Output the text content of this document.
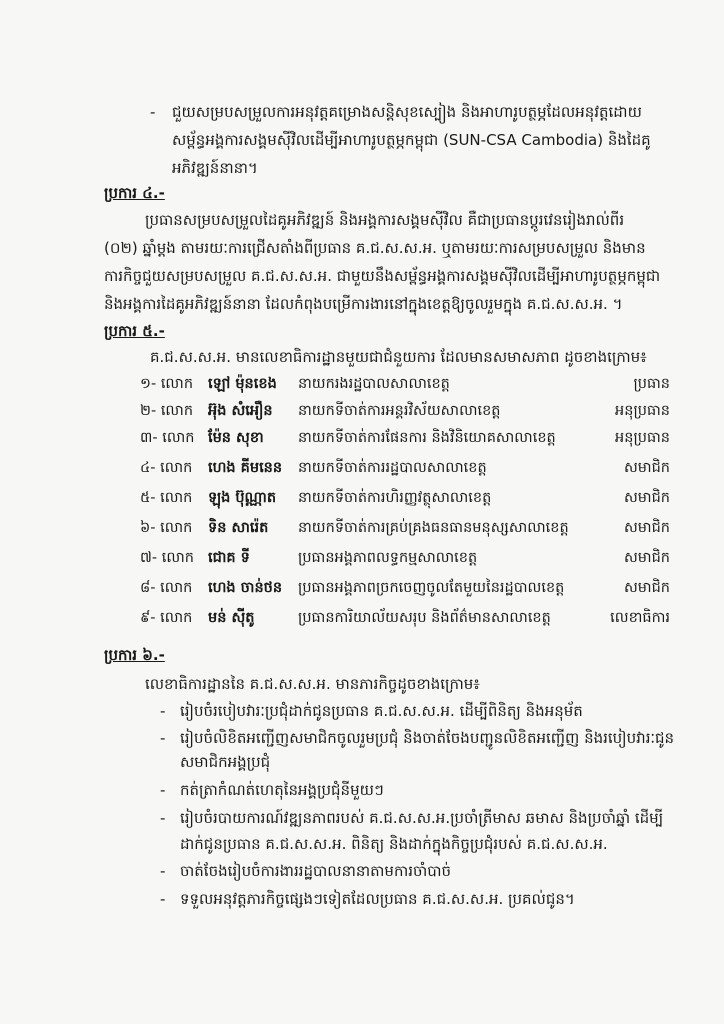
- ជួយសម្របសម្រួលការអនុវត្តគម្រោងសន្តិសុខស្បៀង និងអាហារូបត្ថម្ភដែលអនុវត្តដោយ
សម្ព័ន្ធអង្គការសង្គមស៊ីវិលដើម្បីអាហារូបត្ថម្ភកម្ពុជា (SUN-CSA Cambodia) និងដៃគូ
អភិវឌ្ឍន៍នានា។
ប្រការ ៤.-
ប្រធានសម្របសម្រួលដៃគូអភិវឌ្ឍន៍ និងអង្គការសង្គមស៊ីវិល គឺជាប្រធានប្តូរវេនរៀងរាល់ពីរ
(០២) ឆ្នាំម្តង តាមរយៈការជ្រើសតាំងពីប្រធាន គ.ជ.ស.ស.អ. ឬតាមរយៈការសម្របសម្រួល និងមាន
ការកិច្ចជួយសម្របសម្រួល គ.ជ.ស.ស.អ. ជាមួយនឹងសម្ព័ន្ធអង្គការសង្គមស៊ីវិលដើម្បីអាហារូបត្ថម្ភកម្ពុជា
និងអង្គការដៃគូអភិវឌ្ឍន៍នានា ដែលកំពុងបម្រើការងារនៅក្នុងខេត្តឱ្យចូលរួមក្នុង គ.ជ.ស.ស.អ. ។
ប្រការ ៥.-
គ.ជ.ស.ស.អ. មានលេខាធិការដ្ឋានមួយជាជំនួយការ ដែលមានសមាសភាព ដូចខាងក្រោម៖
១- លោក ឡៅ ម៉ុនខេង នាយករងរដ្ឋបាលសាលាខេត្ត	ប្រធាន
២- លោក អ៊ុង សំអឿន នាយកទីចាត់ការអន្តរវិស័យសាលាខេត្ត	អនុប្រធាន
៣- លោក ម៉ែន សុខា នាយកទីចាត់ការផែនការ និងវិនិយោគសាលាខេត្ត	អនុប្រធាន
៤- លោក ហេង គីមនេន នាយកទីចាត់ការរដ្ឋបាលសាលាខេត្ត	សមាជិក
៥- លោក ឡុង ប៊ុណ្ណាត នាយកទីចាត់ការហិរញ្ញវត្ថុសាលាខេត្ត	សមាជិក
៦- លោក ទិន សារ៉េត នាយកទីចាត់ការគ្រប់គ្រងធនធានមនុស្សសាលាខេត្ត	សមាជិក
៧- លោក ជោគ ទី	ប្រធានអង្គភាពលទ្ធកម្មសាលាខេត្ត	សមាជិក
៨- លោក ហេង ចាន់ថន ប្រធានអង្គភាពច្រកចេញចូលតែមួយនៃរដ្ឋបាលខេត្ត	សមាជិក
៩- លោក មន់ ស៊ីតូ	ប្រធានការិយាល័យសរុប និងព័ត៌មានសាលាខេត្ត	លេខាធិការ
ប្រការ ៦.-
លេខាធិការដ្ឋាននៃ គ.ជ.ស.ស.អ. មានភារកិច្ចដូចខាងក្រោម៖
- រៀបចំរបៀបវារៈប្រជុំដាក់ជូនប្រធាន គ.ជ.ស.ស.អ. ដើម្បីពិនិត្យ និងអនុម័ត
- រៀបចំលិខិតអញ្ជើញសមាជិកចូលរួមប្រជុំ និងចាត់ចែងបញ្ជូនលិខិតអញ្ជើញ និងរបៀបវារៈជូន
សមាជិកអង្គប្រជុំ
- កត់ត្រាកំណត់ហេតុនៃអង្គប្រជុំនីមួយៗ
- រៀបចំរបាយការណ៍វឌ្ឍនភាពរបស់ គ.ជ.ស.ស.អ.ប្រចាំត្រីមាស ឆមាស និងប្រចាំឆ្នាំ ដើម្បី
ដាក់ជូនប្រធាន គ.ជ.ស.ស.អ. ពិនិត្យ និងដាក់ក្នុងកិច្ចប្រជុំរបស់ គ.ជ.ស.ស.អ.
- ចាត់ចែងរៀបចំការងាររដ្ឋបាលនានាតាមការចាំបាច់
- ទទួលអនុវត្តភារកិច្ចផ្សេងៗទៀតដែលប្រធាន គ.ជ.ស.ស.អ. ប្រគល់ជូន។
